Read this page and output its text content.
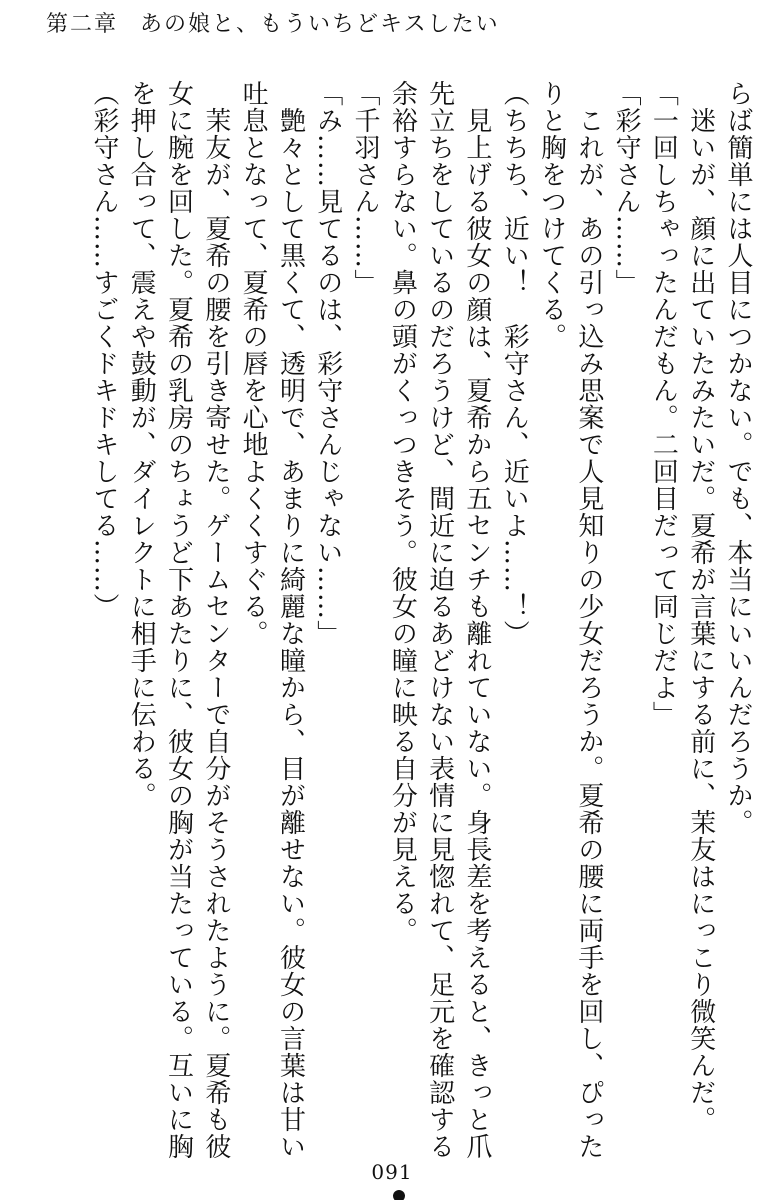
第二章 あの娘と、もういちどキスしたい

らば簡単には人目につかない。でも、本当にいいんだろうか。

　迷いが、顔に出ていたみたいだ。夏希が言葉にする前に、茉友はにっこり微笑んだ。

「一回しちゃったんだもん。二回目だって同じだよ」

「彩守さん……」

　これが、あの引っ込み思案で人見知りの少女だろうか。夏希の腰に両手を回し、ぴった

りと胸をつけてくる。

（ちちち、近い！　彩守さん、近いよ……！）

　見上げる彼女の顔は、夏希から五センチも離れていない。身長差を考えると、きっと爪

先立ちをしているのだろうけど、間近に迫るあどけない表情に見惚れて、足元を確認する

余裕すらない。鼻の頭がくっつきそう。彼女の瞳に映る自分が見える。

「千羽さん……」

「み……見てるのは、彩守さんじゃない……」

　艶々として黒くて、透明で、あまりに綺麗な瞳から、目が離せない。彼女の言葉は甘い

吐息となって、夏希の唇を心地よくくすぐる。

　茉友が、夏希の腰を引き寄せた。ゲームセンターで自分がそうされたように。夏希も彼

女に腕を回した。夏希の乳房のちょうど下あたりに、彼女の胸が当たっている。互いに胸

を押し合って、震えや鼓動が、ダイレクトに相手に伝わる。

（彩守さん……すごくドキドキしてる……）

091
